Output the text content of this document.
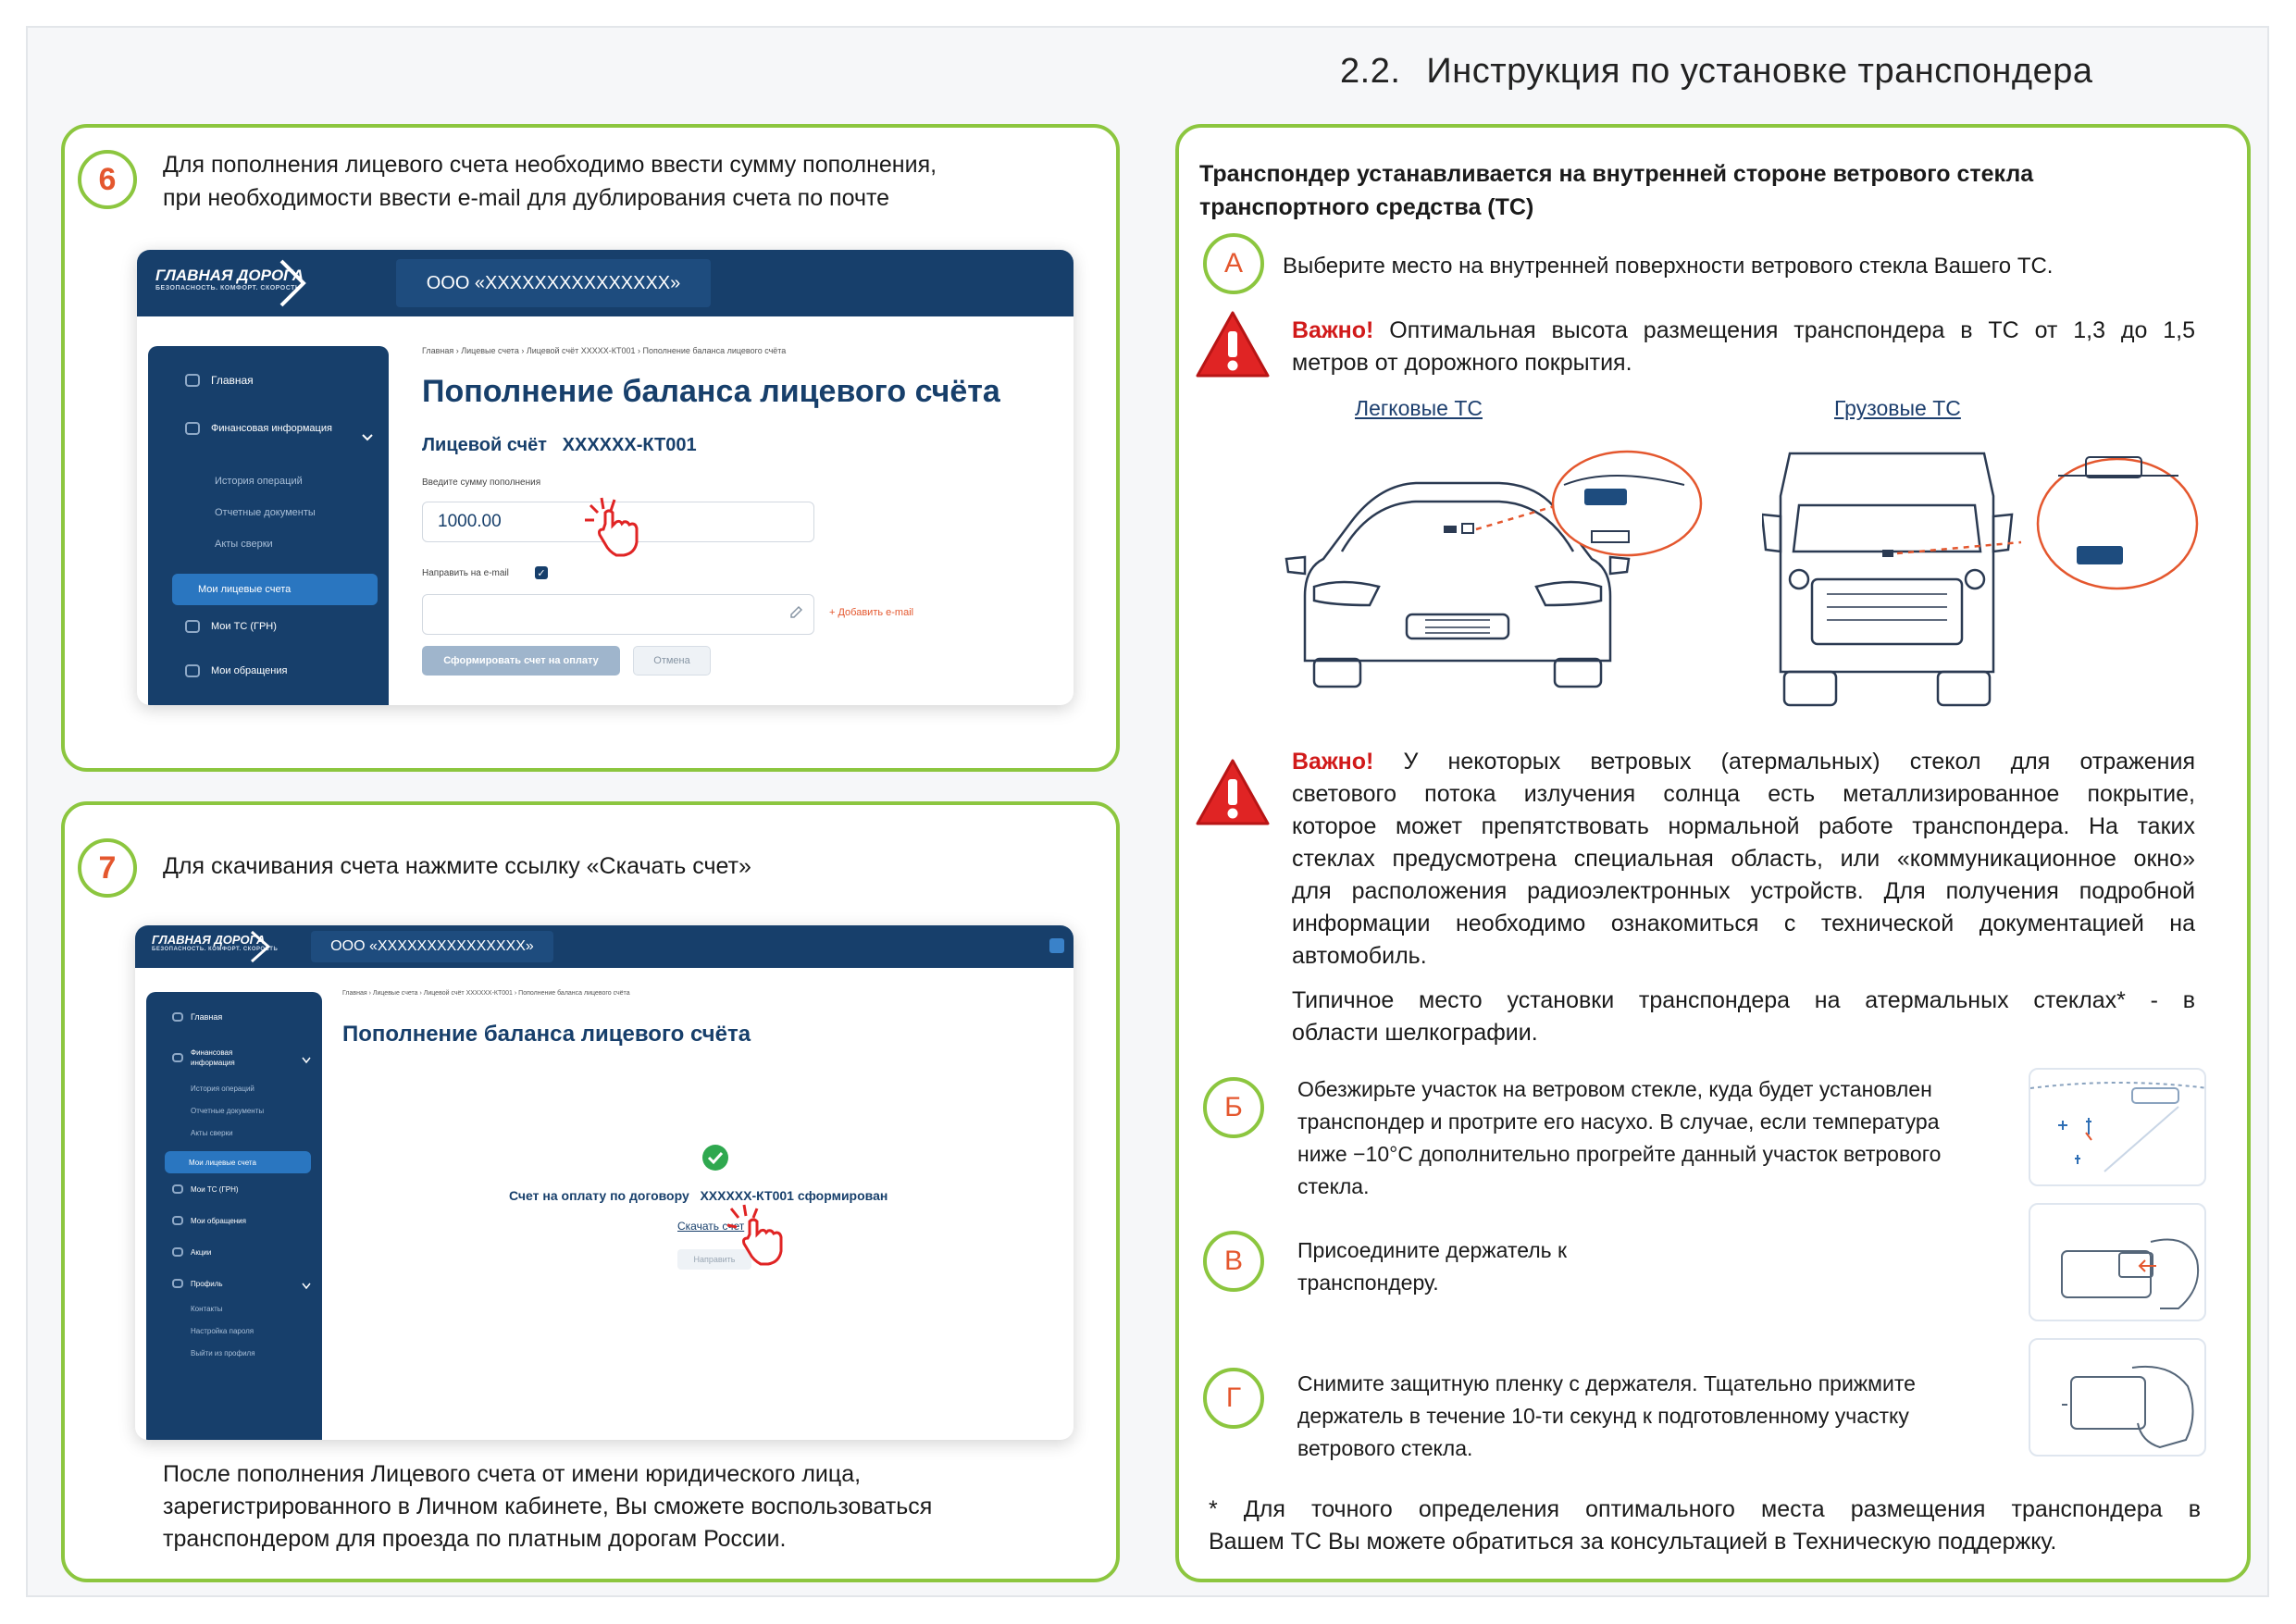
2.2. Инструкция по установке транспондера
6	Для пополнения лицевого счета необходимо ввести сумму пополнения,
при необходимости ввести e-mail для дублирования счета по почте
ГЛАВНАЯ ДОРОГА
БЕЗОПАСНОСТЬ. КОМФОРТ. СКОРОСТЬ	ООО «XXXXXXXXXXXXXXX»
Главная
Финансовая информация
История операций
Отчетные документы
Акты сверки
Мои лицевые счета
Мои ТС (ГРН)
Мои обращения
Главная › Лицевые счета › Лицевой счёт XXXXX-КТ001 › Пополнение баланса лицевого счёта
Пополнение баланса лицевого счёта
Лицевой счёт XXXXXX-КТ001
Введите сумму пополнения
1000.00
Направить на e-mail	✓
+ Добавить e-mail
Сформировать счет на оплату	Отмена
7	Для скачивания счета нажмите ссылку «Скачать счет»
ГЛАВНАЯ ДОРОГА
БЕЗОПАСНОСТЬ. КОМФОРТ. СКОРОСТЬ	ООО «XXXXXXXXXXXXXXX»
Главная
Финансовая информация
История операций
Отчетные документы
Акты сверки
Мои лицевые счета
Мои ТС (ГРН)
Мои обращения
Акции
Профиль
Контакты
Настройка пароля
Выйти из профиля
Главная › Лицевые счета › Лицевой счёт XXXXXX-КТ001 › Пополнение баланса лицевого счёта
Пополнение баланса лицевого счёта
Счет на оплату по договору XXXXXX-КТ001 сформирован
Скачать счет
Направить
После пополнения Лицевого счета от имени юридического лица,
зарегистрированного в Личном кабинете, Вы сможете воспользоваться
транспондером для проезда по платным дорогам России.
Транспондер устанавливается на внутренней стороне ветрового стекла
транспортного средства (ТС)
А	Выберите место на внутренней поверхности ветрового стекла Вашего ТС.
Важно! Оптимальная высота размещения транспондера в ТС от 1,3 до 1,5
метров от дорожного покрытия.
Легковые ТС	Грузовые ТС
Важно! У некоторых ветровых (атермальных) стекол для отражения
светового потока излучения солнца есть металлизированное покрытие,
которое может препятствовать нормальной работе транспондера. На таких
стеклах предусмотрена специальная область, или «коммуникационное окно»
для расположения радиоэлектронных устройств. Для получения подробной
информации необходимо ознакомиться с технической документацией на
автомобиль.
Типичное место установки транспондера на атермальных стеклах* - в
области шелкографии.
Б
Обезжирьте участок на ветровом стекле, куда будет установлен
транспондер и протрите его насухо. В случае, если температура
ниже −10°С дополнительно прогрейте данный участок ветрового
стекла.
В	Присоедините держатель к
транспондеру.
Г	Снимите защитную пленку с держателя. Тщательно прижмите
держатель в течение 10-ти секунд к подготовленному участку
ветрового стекла.
* Для точного определения оптимального места размещения транспондера в
Вашем ТС Вы можете обратиться за консультацией в Техническую поддержку.
